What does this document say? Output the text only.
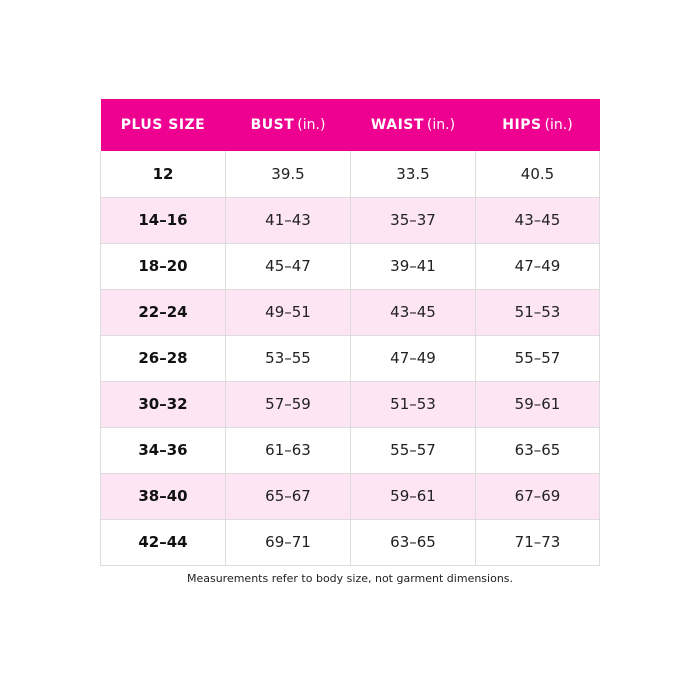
PLUS SIZE	BUST (in.)	WAIST (in.)	HIPS (in.)
12	39.5	33.5	40.5
14–16	41–43	35–37	43–45
18–20	45–47	39–41	47–49
22–24	49–51	43–45	51–53
26–28	53–55	47–49	55–57
30–32	57–59	51–53	59–61
34–36	61–63	55–57	63–65
38–40	65–67	59–61	67–69
42–44	69–71	63–65	71–73
Measurements refer to body size, not garment dimensions.
